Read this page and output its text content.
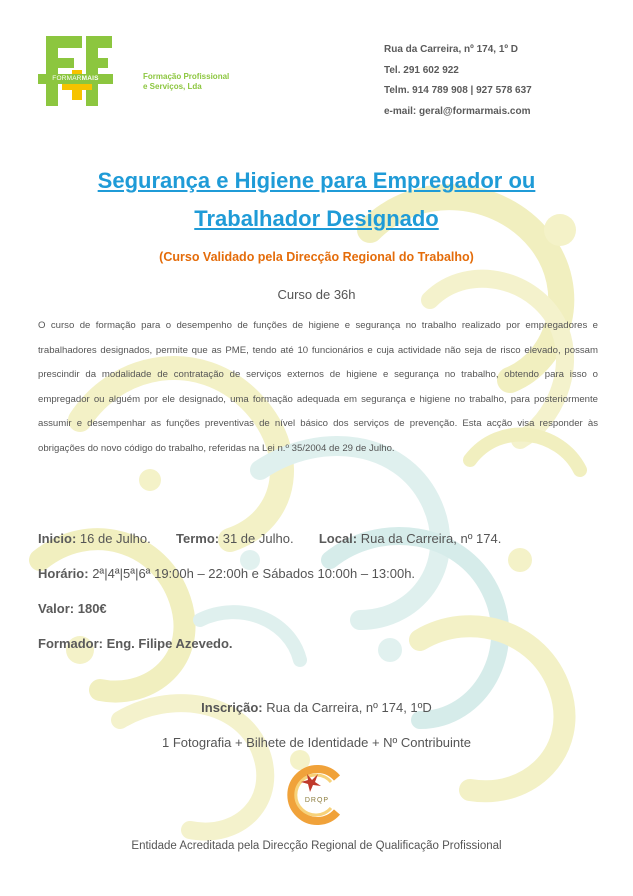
FORMARMAIS	Formação Profissional
e Serviços, Lda
Rua da Carreira, nº 174, 1º D
Tel. 291 602 922
Telm. 914 789 908 | 927 578 637
e-mail: geral@formarmais.com
Segurança e Higiene para Empregador ou
Trabalhador Designado
(Curso Validado pela Direcção Regional do Trabalho)
Curso de 36h
O curso de formação para o desempenho de funções de higiene e segurança no trabalho realizado por empregadores e trabalhadores designados, permite que as PME, tendo até 10 funcionários e cuja actividade não seja de risco elevado, possam prescindir da modalidade de contratação de serviços externos de higiene e segurança no trabalho, obtendo para isso o empregador ou alguém por ele designado, uma formação adequada em segurança e higiene no trabalho, para posteriormente assumir e desempenhar as funções preventivas de nível básico dos serviços de prevenção. Esta acção visa responder às obrigações do novo código do trabalho, referidas na Lei n.º 35/2004 de 29 de Julho.
Inicio: 16 de Julho. Termo: 31 de Julho. Local: Rua da Carreira, nº 174.
Horário: 2ª|4ª|5ª|6ª 19:00h – 22:00h e Sábados 10:00h – 13:00h.
Valor: 180€
Formador: Eng. Filipe Azevedo.
Inscrição: Rua da Carreira, nº 174, 1ºD
1 Fotografia + Bilhete de Identidade + Nº Contribuinte
DRQP
Entidade Acreditada pela Direcção Regional de Qualificação Profissional
